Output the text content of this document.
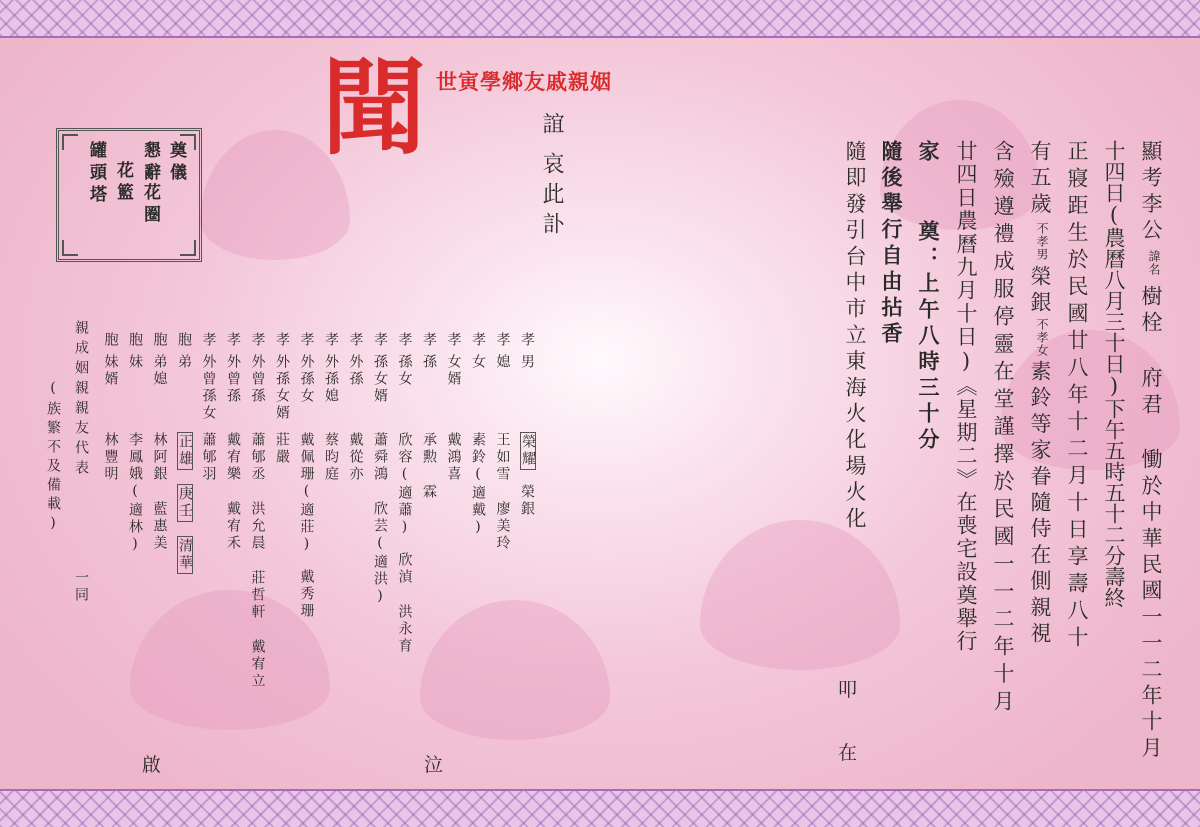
聞 世寅學鄉友戚親姻
誼
哀此訃
奠儀
懇辭
花圈
花籃
罐頭塔	顯考李公
諱名
樹栓 府君 慟於中華民國一一二年十月
十四日(農曆八月三十日)下午五時五十二分壽終
正寢距生於民國廿八年十二月十日享壽八十
有五歲
不孝男
榮銀
不孝女
素鈴等家眷隨侍在側親視
含殮遵禮成服停靈在堂謹擇於民國一一二年十月
廿四日農曆九月十日)《星期二》在喪宅設奠舉行
家
奠：上午八時三十分
隨後舉行自由拈香
隨即發引台中市立東海火化場火化
叩
在
孝
男
榮耀
榮銀
孝
媳
王如雪
廖美玲
孝
女
素鈴(適戴)
孝
女婿
戴鴻喜
孝
孫
承勲
霖
孝
孫女
欣容(適蕭)
欣湞
洪永育
孝
孫女婿
蕭舜鴻
欣芸(適洪)
孝
外孫
戴從亦
孝
外孫媳
蔡昀庭
孝
外孫女
戴佩珊(適莊)
戴秀珊
孝
外孫女婿
莊嚴
孝
外曾孫
蕭郇丞
洪允晨
莊哲軒
戴宥立
孝
外曾孫
戴宥樂
戴宥禾
孝
外曾孫女
蕭郇羽
胞
弟
正雄
庚壬
清華
胞
弟媳
林阿銀
藍惠美
胞
妹
李鳳娥(適林)
胞
妹婿
林豐明
親成姻親親友代表
一同
(族繁不及備載)
啟	泣
